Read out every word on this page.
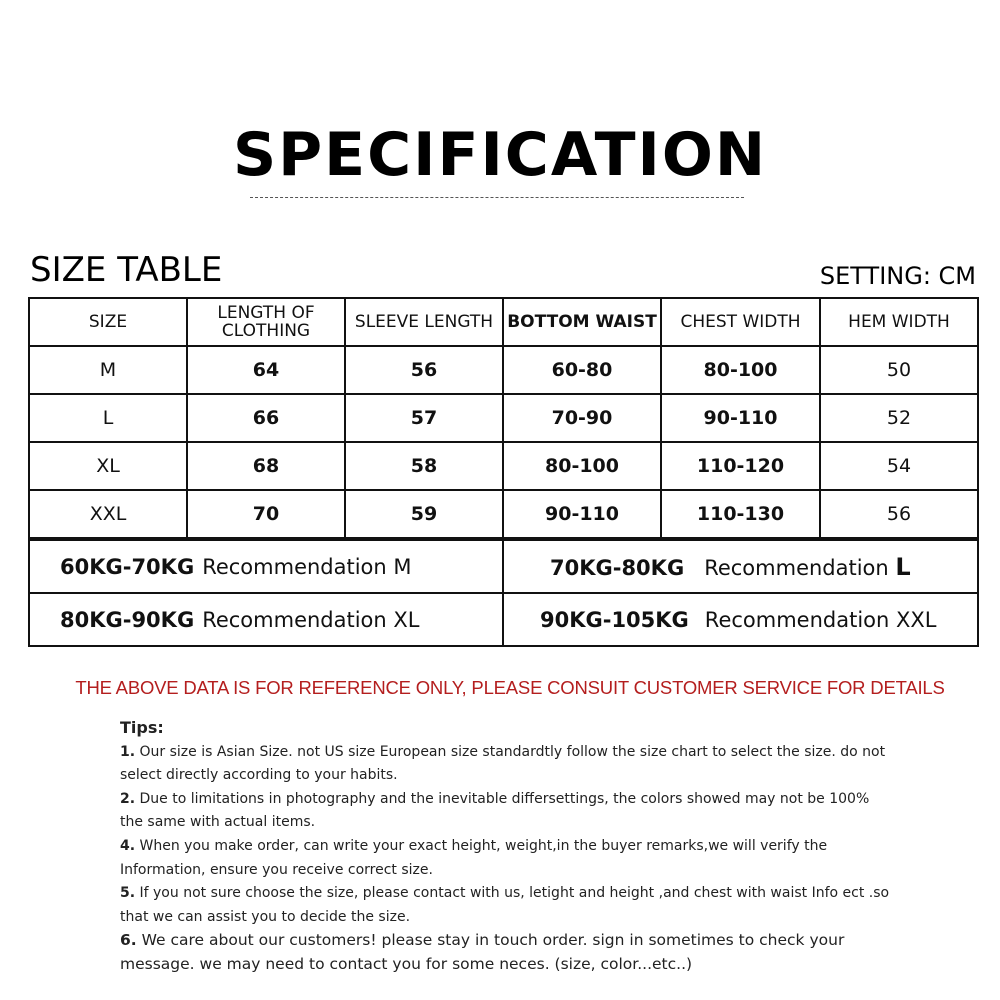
SPECIFICATION
SIZE TABLE	SETTING: CM
SIZE	LENGTH OF CLOTHING	SLEEVE LENGTH	BOTTOM WAIST	CHEST WIDTH	HEM WIDTH
M	64	56	60-80	80-100	50
L	66	57	70-90	90-110	52
XL	68	58	80-100	110-120	54
XXL	70	59	90-110	110-130	56
60KG-70KG Recommendation M	70KG-80KG Recommendation L
80KG-90KG Recommendation XL	90KG-105KG Recommendation XXL
THE ABOVE DATA IS FOR REFERENCE ONLY, PLEASE CONSUIT CUSTOMER SERVICE FOR DETAILS
Tips:
1. Our size is Asian Size. not US size European size standardtly follow the size chart to select the size. do not select directly according to your habits.
2. Due to limitations in photography and the inevitable differsettings, the colors showed may not be 100% the same with actual items.
4. When you make order, can write your exact height, weight,in the buyer remarks,we will verify the Information, ensure you receive correct size.
5. If you not sure choose the size, please contact with us, letight and height ,and chest with waist Info ect .so that we can assist you to decide the size.
6. We care about our customers! please stay in touch order. sign in sometimes to check your message. we may need to contact you for some neces. (size, color...etc..)
